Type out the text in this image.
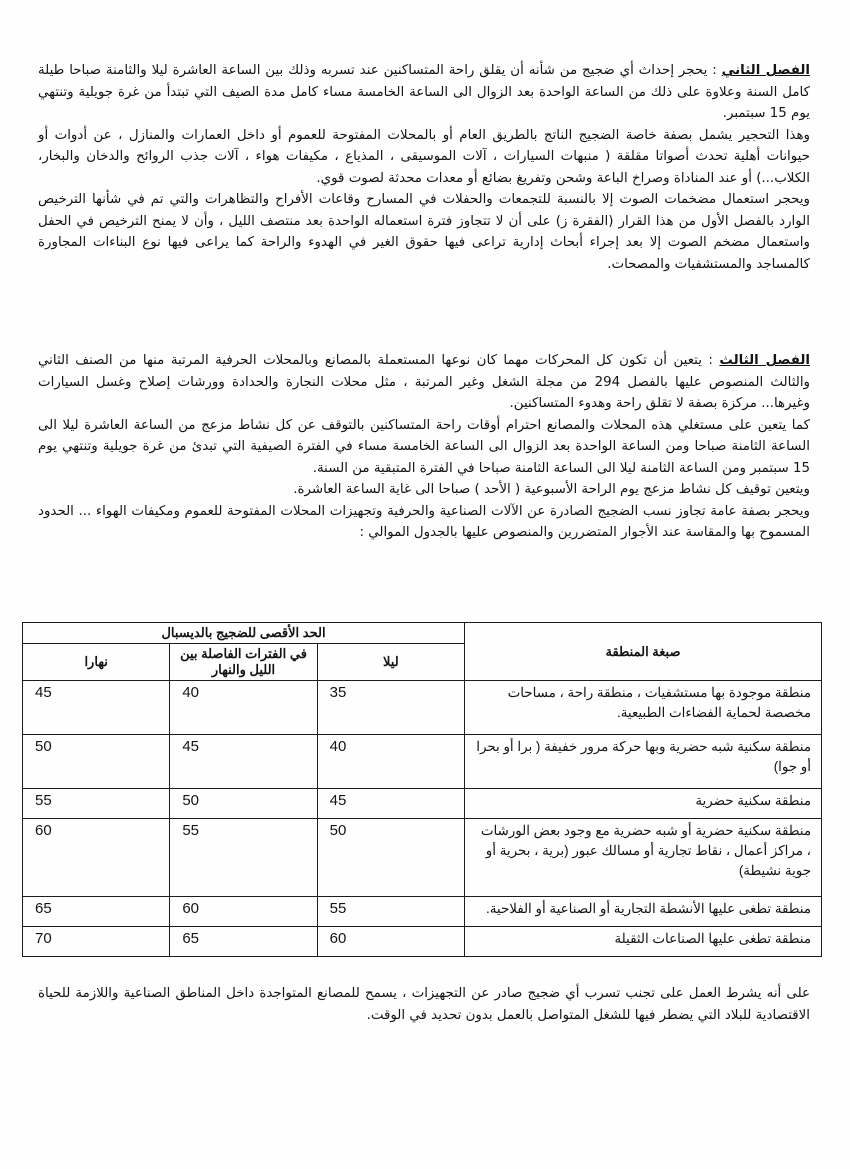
الفصل الثاني : يحجر إحداث أي ضجيج من شأنه أن يقلق راحة المتساكنين عند تسربه وذلك بين الساعة العاشرة ليلا والثامنة صباحا طيلة كامل السنة وعلاوة على ذلك من الساعة الواحدة بعد الزوال الى الساعة الخامسة مساء كامل مدة الصيف التي تبتدأ من غرة جويلية وتنتهي يوم 15 سبتمبر.

وهذا التحجير يشمل بصفة خاصة الضجيج الناتج بالطريق العام أو بالمحلات المفتوحة للعموم أو داخل العمارات والمنازل ، عن أدوات أو حيوانات أهلية تحدث أصواتا مقلقة ( منبهات السيارات ، آلات الموسيقى ، المذياع ، مكيفات هواء ، آلات جذب الروائح والدخان والبخار، الكلاب...) أو عند المناداة وصراخ الباعة وشحن وتفريغ بضائع أو معدات محدثة لصوت قوي.

ويحجر استعمال مضخمات الصوت إلا بالنسبة للتجمعات والحفلات في المسارح وقاعات الأفراح والتظاهرات والتي تم في شأنها الترخيص الوارد بالفصل الأول من هذا القرار (الفقرة ز) على أن لا تتجاوز فترة استعماله الواحدة بعد منتصف الليل ، وأن لا يمنح الترخيص في الحفل واستعمال مضخم الصوت إلا بعد إجراء أبحاث إدارية تراعى فيها حقوق الغير في الهدوء والراحة كما يراعى فيها نوع البناءات المجاورة كالمساجد والمستشفيات والمصحات.

الفصل الثالث : يتعين أن تكون كل المحركات مهما كان نوعها المستعملة بالمصانع وبالمحلات الحرفية المرتبة منها من الصنف الثاني والثالث المنصوص عليها بالفصل 294 من مجلة الشغل وغير المرتبة ، مثل محلات النجارة والحدادة وورشات إصلاح وغسل السيارات وغيرها... مركزة بصفة لا تقلق راحة وهدوء المتساكنين.

كما يتعين على مستغلي هذه المحلات والمصانع احترام أوقات راحة المتساكنين بالتوقف عن كل نشاط مزعج من الساعة العاشرة ليلا الى الساعة الثامنة صباحا ومن الساعة الواحدة بعد الزوال الى الساعة الخامسة مساء في الفترة الصيفية التي تبدئ من غرة جويلية وتنتهي يوم 15 سبتمبر ومن الساعة الثامنة ليلا الى الساعة الثامنة صباحا في الفترة المتبقية من السنة.

ويتعين توقيف كل نشاط مزعج يوم الراحة الأسبوعية ( الأحد ) صباحا الى غاية الساعة العاشرة.

ويحجر بصفة عامة تجاوز نسب الضجيج الصادرة عن الآلات الصناعية والحرفية وتجهيزات المحلات المفتوحة للعموم ومكيفات الهواء ... الحدود المسموح بها والمقاسة عند الأجوار المتضررين والمنصوص عليها بالجدول الموالي :

صبغة المنطقة	الحد الأقصى للضجيج بالديسبال		
	ليلا	في الفترات الفاصلة بين الليل والنهار	نهارا
منطقة موجودة بها مستشفيات ، منطقة راحة ، مساحات مخصصة لحماية الفضاءات الطبيعية.	35	40	45
منطقة سكنية شبه حضرية وبها حركة مرور خفيفة ( برا أو بحرا أو جوا)	40	45	50
منطقة سكنية حضرية	45	50	55
منطقة سكنية حضرية أو شبه حضرية مع وجود بعض الورشات ، مراكز أعمال ، نقاط تجارية أو مسالك عبور (برية ، بحرية أو جوية نشيطة)	50	55	60
منطقة تطغى عليها الأنشطة التجارية أو الصناعية أو الفلاحية.	55	60	65
منطقة تطغى عليها الصناعات الثقيلة	60	65	70
على أنه يشرط العمل على تجنب تسرب أي ضجيج صادر عن التجهيزات ، يسمح للمصانع المتواجدة داخل المناطق الصناعية واللازمة للحياة الاقتصادية للبلاد التي يضطر فيها للشغل المتواصل بالعمل بدون تحديد في الوقت.
